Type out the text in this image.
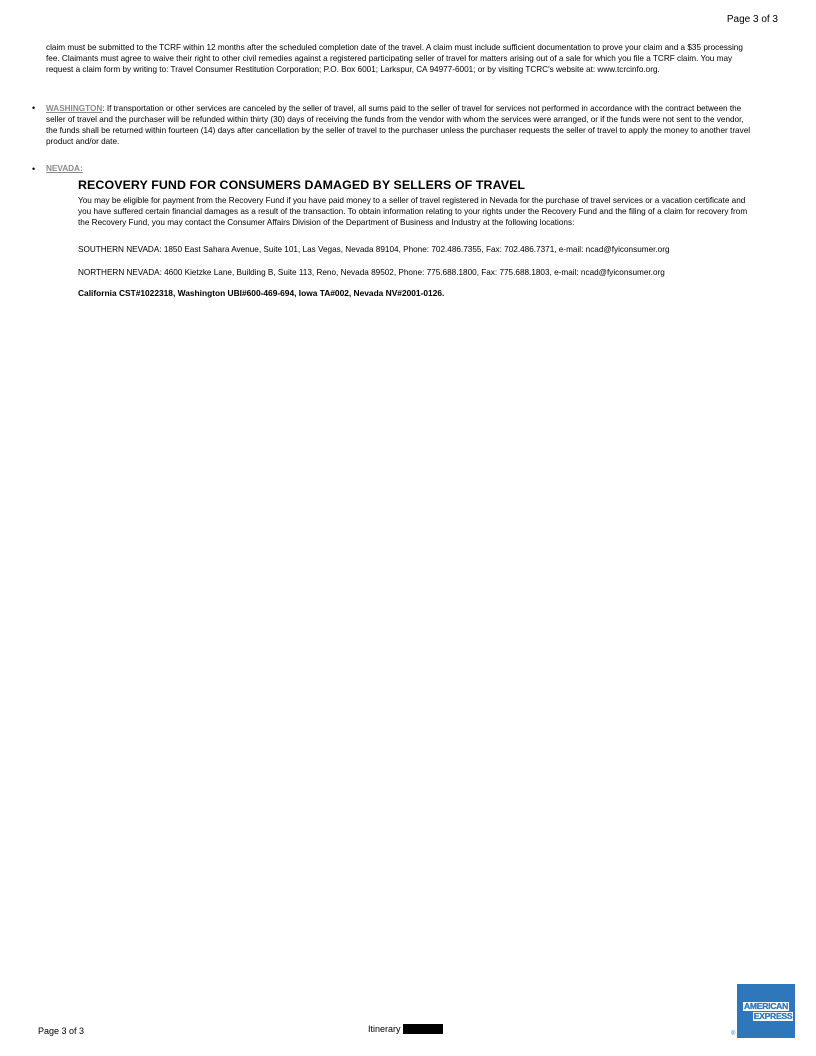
Page 3 of 3

claim must be submitted to the TCRF within 12 months after the scheduled completion date of the travel. A claim must include sufficient documentation to prove your claim and a $35 processing fee. Claimants must agree to waive their right to other civil remedies against a registered participating seller of travel for matters arising out of a sale for which you file a TCRF claim. You may request a claim form by writing to: Travel Consumer Restitution Corporation; P.O. Box 6001; Larkspur, CA 94977-6001; or by visiting TCRC's website at: www.tcrcinfo.org.

• WASHINGTON: If transportation or other services are canceled by the seller of travel, all sums paid to the seller of travel for services not performed in accordance with the contract between the seller of travel and the purchaser will be refunded within thirty (30) days of receiving the funds from the vendor with whom the services were arranged, or if the funds were not sent to the vendor, the funds shall be returned within fourteen (14) days after cancellation by the seller of travel to the purchaser unless the purchaser requests the seller of travel to apply the money to another travel product and/or date.

• NEVADA:
RECOVERY FUND FOR CONSUMERS DAMAGED BY SELLERS OF TRAVEL

You may be eligible for payment from the Recovery Fund if you have paid money to a seller of travel registered in Nevada for the purchase of travel services or a vacation certificate and you have suffered certain financial damages as a result of the transaction. To obtain information relating to your rights under the Recovery Fund and the filing of a claim for recovery from the Recovery Fund, you may contact the Consumer Affairs Division of the Department of Business and Industry at the following locations:

SOUTHERN NEVADA: 1850 East Sahara Avenue, Suite 101, Las Vegas, Nevada 89104, Phone: 702.486.7355, Fax: 702.486.7371, e-mail: ncad@fyiconsumer.org

NORTHERN NEVADA: 4600 Kietzke Lane, Building B, Suite 113, Reno, Nevada 89502, Phone: 775.688.1800, Fax: 775.688.1803, e-mail: ncad@fyiconsumer.org

California CST#1022318, Washington UBI#600-469-694, Iowa TA#002, Nevada NV#2001-0126.
Page 3 of 3	Itinerary
AMERICAN
EXPRESS
®
